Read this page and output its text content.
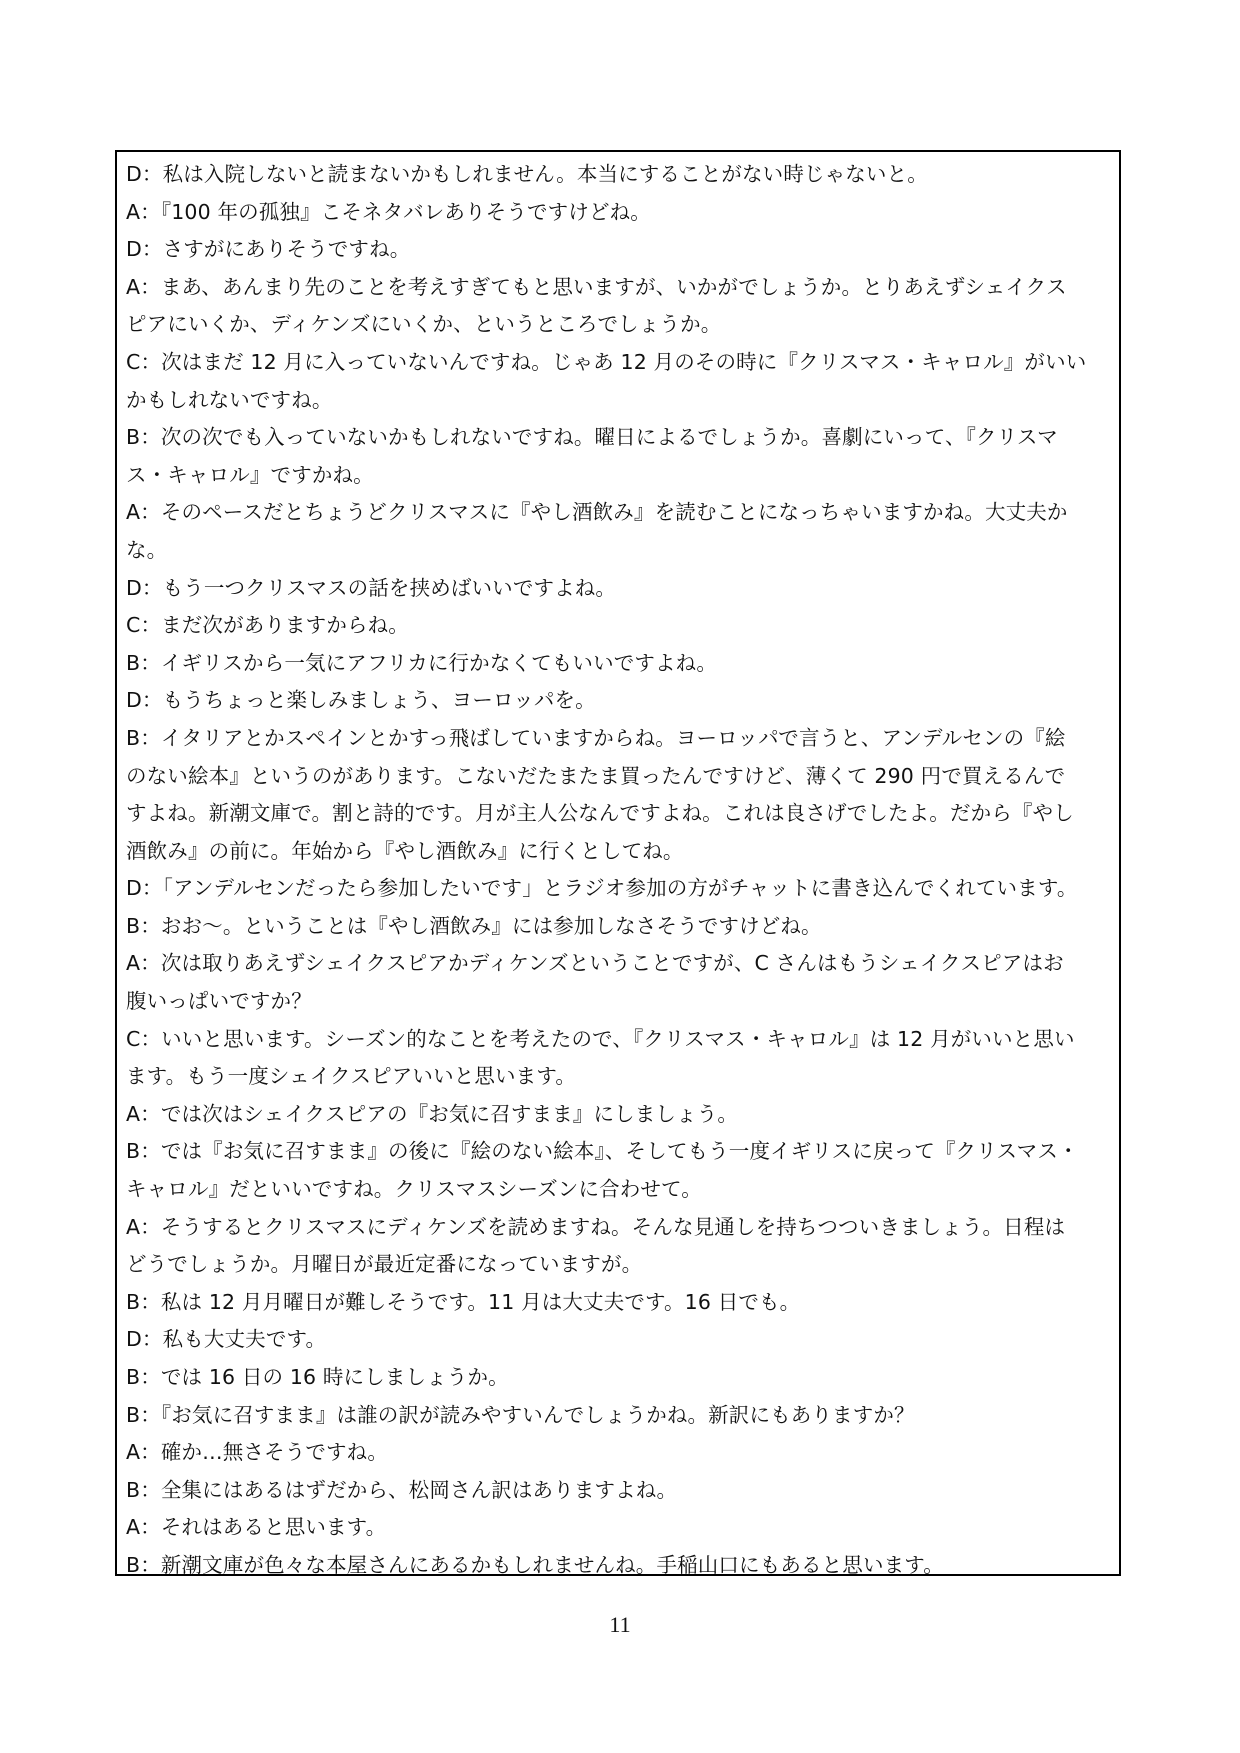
D：私は入院しないと読まないかもしれません。本当にすることがない時じゃないと。
A：『100 年の孤独』こそネタバレありそうですけどね。
D：さすがにありそうですね。
A：まあ、あんまり先のことを考えすぎてもと思いますが、いかがでしょうか。とりあえずシェイクス
ピアにいくか、ディケンズにいくか、というところでしょうか。
C：次はまだ 12 月に入っていないんですね。じゃあ 12 月のその時に『クリスマス・キャロル』がいい
かもしれないですね。
B：次の次でも入っていないかもしれないですね。曜日によるでしょうか。喜劇にいって、『クリスマ
ス・キャロル』ですかね。
A：そのペースだとちょうどクリスマスに『やし酒飲み』を読むことになっちゃいますかね。大丈夫か
な。
D：もう一つクリスマスの話を挟めばいいですよね。
C：まだ次がありますからね。
B：イギリスから一気にアフリカに行かなくてもいいですよね。
D：もうちょっと楽しみましょう、ヨーロッパを。
B：イタリアとかスペインとかすっ飛ばしていますからね。ヨーロッパで言うと、アンデルセンの『絵
のない絵本』というのがあります。こないだたまたま買ったんですけど、薄くて 290 円で買えるんで
すよね。新潮文庫で。割と詩的です。月が主人公なんですよね。これは良さげでしたよ。だから『やし
酒飲み』の前に。年始から『やし酒飲み』に行くとしてね。
D：「アンデルセンだったら参加したいです」とラジオ参加の方がチャットに書き込んでくれています。
B：おお〜。ということは『やし酒飲み』には参加しなさそうですけどね。
A：次は取りあえずシェイクスピアかディケンズということですが、C さんはもうシェイクスピアはお
腹いっぱいですか？
C：いいと思います。シーズン的なことを考えたので、『クリスマス・キャロル』は 12 月がいいと思い
ます。もう一度シェイクスピアいいと思います。
A：では次はシェイクスピアの『お気に召すまま』にしましょう。
B：では『お気に召すまま』の後に『絵のない絵本』、そしてもう一度イギリスに戻って『クリスマス・
キャロル』だといいですね。クリスマスシーズンに合わせて。
A：そうするとクリスマスにディケンズを読めますね。そんな見通しを持ちつついきましょう。日程は
どうでしょうか。月曜日が最近定番になっていますが。
B：私は 12 月月曜日が難しそうです。11 月は大丈夫です。16 日でも。
D：私も大丈夫です。
B：では 16 日の 16 時にしましょうか。
B：『お気に召すまま』は誰の訳が読みやすいんでしょうかね。新訳にもありますか？
A：確か…無さそうですね。
B：全集にはあるはずだから、松岡さん訳はありますよね。
A：それはあると思います。
B：新潮文庫が色々な本屋さんにあるかもしれませんね。手稲山口にもあると思います。
11
